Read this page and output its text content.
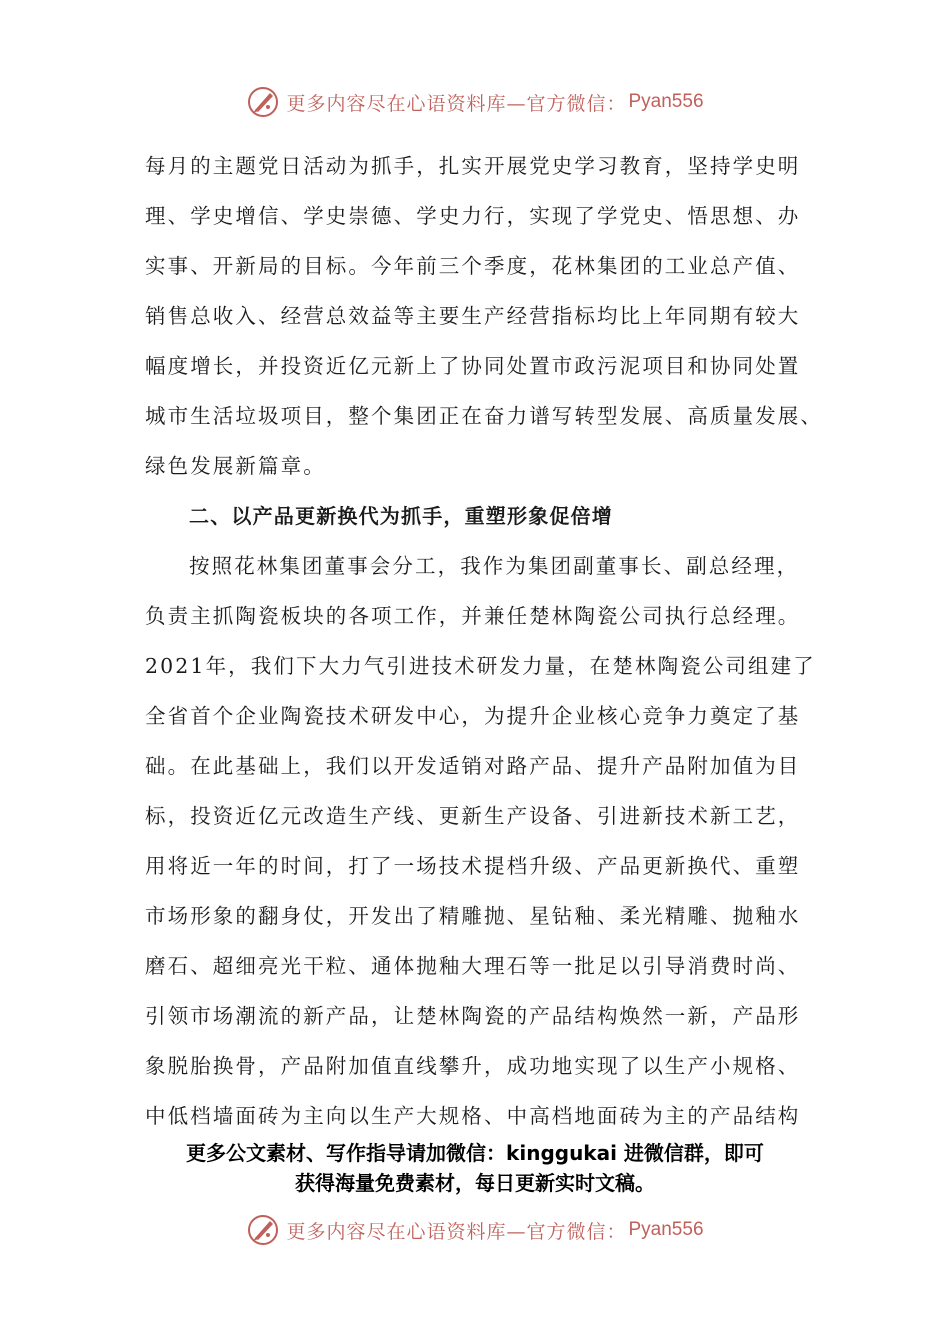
更多内容尽在心语资料库—官方微信： Pyan556
每月的主题党日活动为抓手，扎实开展党史学习教育，坚持学史明
理、学史增信、学史崇德、学史力行，实现了学党史、悟思想、办
实事、开新局的目标。今年前三个季度，花林集团的工业总产值、
销售总收入、经营总效益等主要生产经营指标均比上年同期有较大
幅度增长，并投资近亿元新上了协同处置市政污泥项目和协同处置
城市生活垃圾项目，整个集团正在奋力谱写转型发展、高质量发展、
绿色发展新篇章。
二、以产品更新换代为抓手，重塑形象促倍增
按照花林集团董事会分工，我作为集团副董事长、副总经理，
负责主抓陶瓷板块的各项工作，并兼任楚林陶瓷公司执行总经理。
2021年，我们下大力气引进技术研发力量，在楚林陶瓷公司组建了
全省首个企业陶瓷技术研发中心，为提升企业核心竞争力奠定了基
础。在此基础上，我们以开发适销对路产品、提升产品附加值为目
标，投资近亿元改造生产线、更新生产设备、引进新技术新工艺，
用将近一年的时间，打了一场技术提档升级、产品更新换代、重塑
市场形象的翻身仗，开发出了精雕抛、星钻釉、柔光精雕、抛釉水
磨石、超细亮光干粒、通体抛釉大理石等一批足以引导消费时尚、
引领市场潮流的新产品，让楚林陶瓷的产品结构焕然一新，产品形
象脱胎换骨，产品附加值直线攀升，成功地实现了以生产小规格、
中低档墙面砖为主向以生产大规格、中高档地面砖为主的产品结构
更多公文素材、写作指导请加微信：kinggukai 进微信群，即可
获得海量免费素材，每日更新实时文稿。
更多内容尽在心语资料库—官方微信： Pyan556
